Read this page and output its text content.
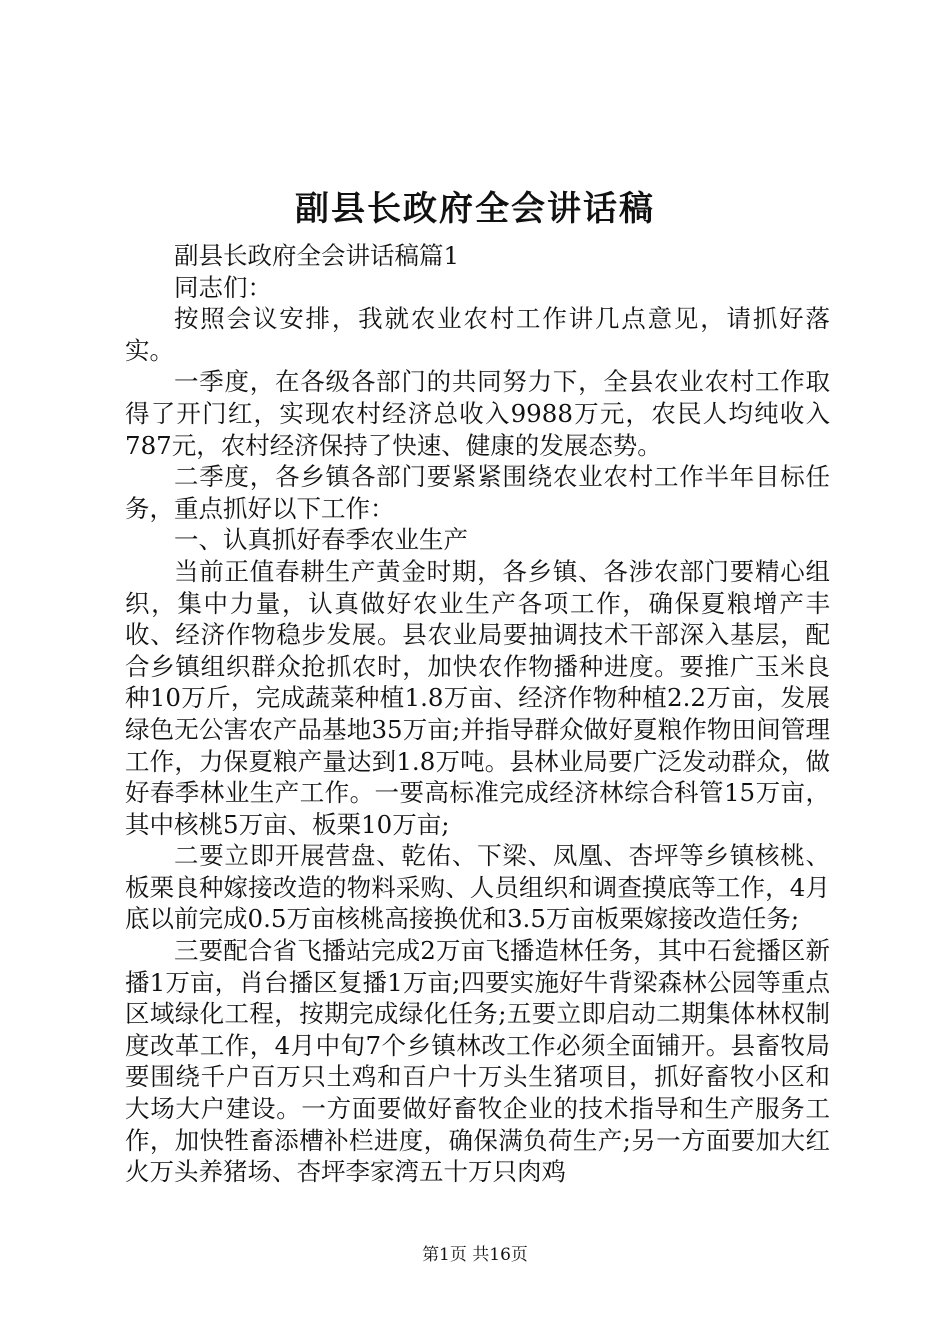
副县长政府全会讲话稿

副县长政府全会讲话稿篇1

同志们：

按照会议安排，我就农业农村工作讲几点意见，请抓好落实。

一季度，在各级各部门的共同努力下，全县农业农村工作取得了开门红，实现农村经济总收入9988万元，农民人均纯收入787元，农村经济保持了快速、健康的发展态势。

二季度，各乡镇各部门要紧紧围绕农业农村工作半年目标任务，重点抓好以下工作：

一、认真抓好春季农业生产

当前正值春耕生产黄金时期，各乡镇、各涉农部门要精心组织，集中力量，认真做好农业生产各项工作，确保夏粮增产丰收、经济作物稳步发展。县农业局要抽调技术干部深入基层，配合乡镇组织群众抢抓农时，加快农作物播种进度。要推广玉米良种10万斤，完成蔬菜种植1.8万亩、经济作物种植2.2万亩，发展绿色无公害农产品基地35万亩;并指导群众做好夏粮作物田间管理工作，力保夏粮产量达到1.8万吨。县林业局要广泛发动群众，做好春季林业生产工作。一要高标准完成经济林综合科管15万亩，其中核桃5万亩、板栗10万亩;

二要立即开展营盘、乾佑、下梁、凤凰、杏坪等乡镇核桃、板栗良种嫁接改造的物料采购、人员组织和调查摸底等工作，4月底以前完成0.5万亩核桃高接换优和3.5万亩板栗嫁接改造任务;

三要配合省飞播站完成2万亩飞播造林任务，其中石瓮播区新播1万亩，肖台播区复播1万亩;四要实施好牛背梁森林公园等重点区域绿化工程，按期完成绿化任务;五要立即启动二期集体林权制度改革工作，4月中旬7个乡镇林改工作必须全面铺开。县畜牧局要围绕千户百万只土鸡和百户十万头生猪项目，抓好畜牧小区和大场大户建设。一方面要做好畜牧企业的技术指导和生产服务工作，加快牲畜添槽补栏进度，确保满负荷生产;另一方面要加大红火万头养猪场、杏坪李家湾五十万只肉鸡

第1页 共16页
